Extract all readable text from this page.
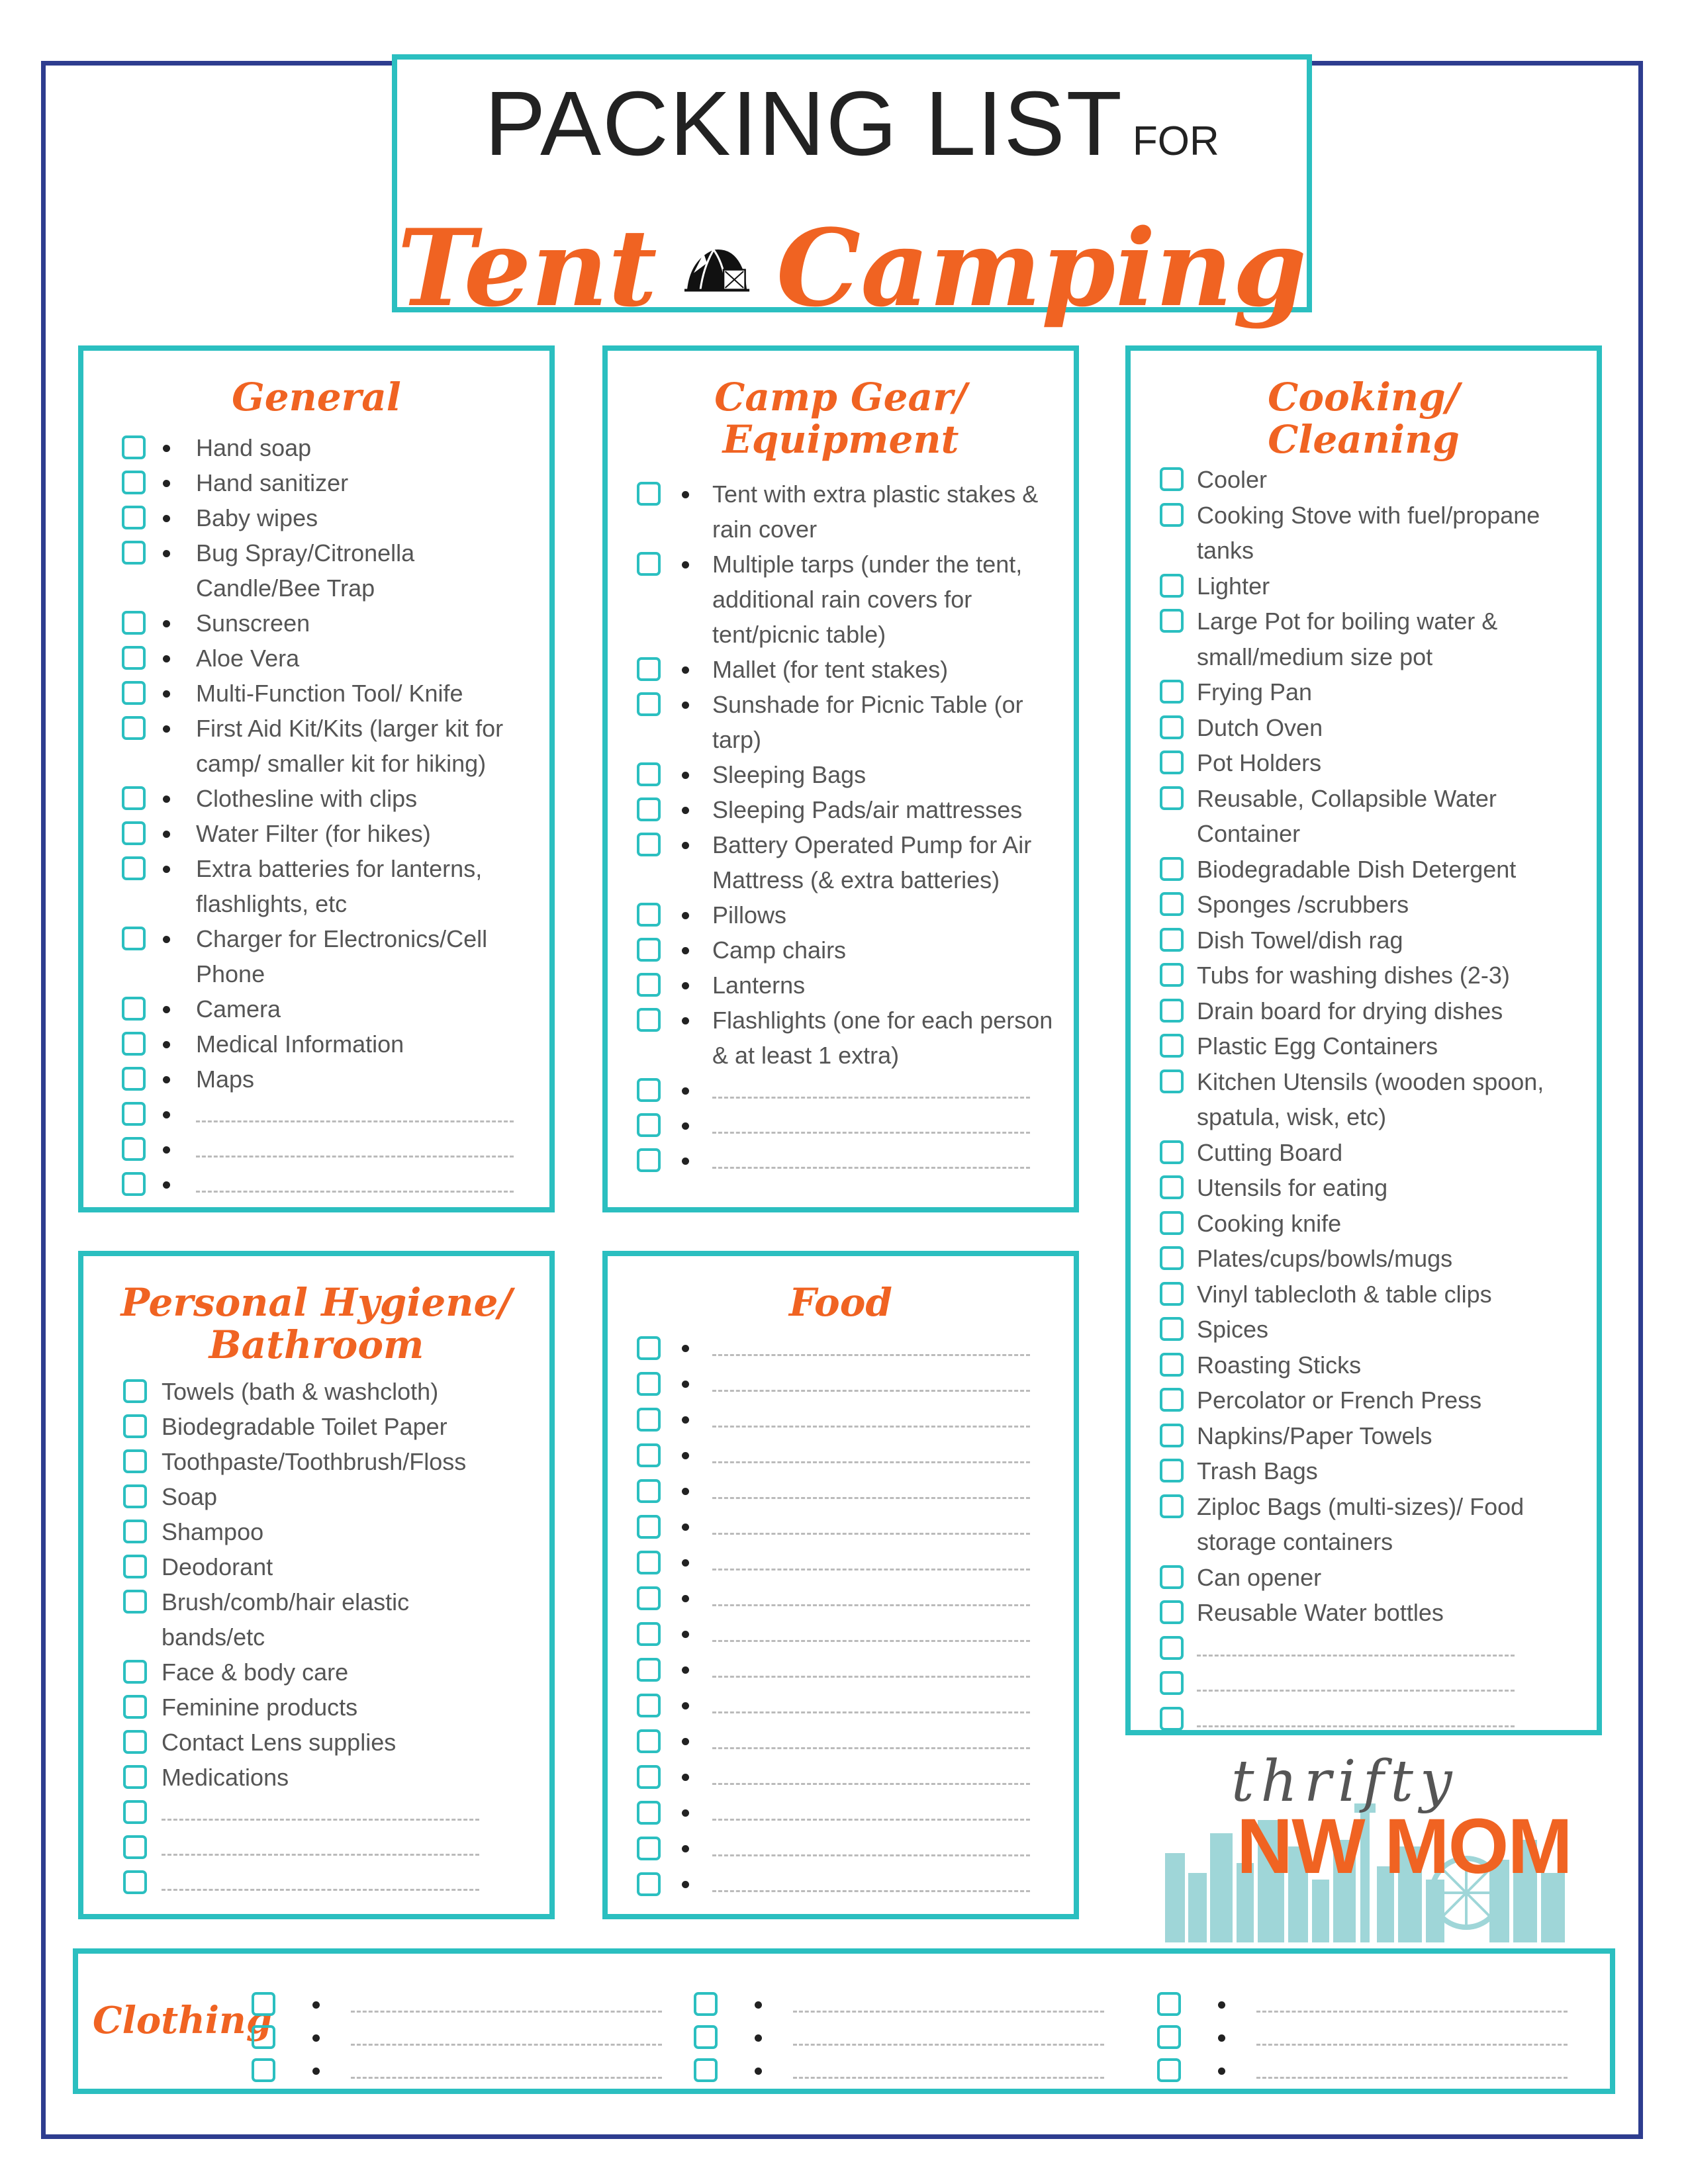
PACKING LIST FOR
Tent Camping
General
Hand soap
Hand sanitizer
Baby wipes
Bug Spray/Citronella
Candle/Bee Trap
Sunscreen
Aloe Vera
Multi-Function Tool/ Knife
First Aid Kit/Kits (larger kit for
camp/ smaller kit for hiking)
Clothesline with clips
Water Filter (for hikes)
Extra batteries for lanterns,
flashlights, etc
Charger for Electronics/Cell
Phone
Camera
Medical Information
Maps
Camp Gear/
Equipment
Tent with extra plastic stakes &
rain cover
Multiple tarps (under the tent,
additional rain covers for
tent/picnic table)
Mallet (for tent stakes)
Sunshade for Picnic Table (or
tarp)
Sleeping Bags
Sleeping Pads/air mattresses
Battery Operated Pump for Air
Mattress (& extra batteries)
Pillows
Camp chairs
Lanterns
Flashlights (one for each person
& at least 1 extra)
Cooking/
Cleaning
Cooler
Cooking Stove with fuel/propane
tanks
Lighter
Large Pot for boiling water &
small/medium size pot
Frying Pan
Dutch Oven
Pot Holders
Reusable, Collapsible Water
Container
Biodegradable Dish Detergent
Sponges /scrubbers
Dish Towel/dish rag
Tubs for washing dishes (2-3)
Drain board for drying dishes
Plastic Egg Containers
Kitchen Utensils (wooden spoon,
spatula, wisk, etc)
Cutting Board
Utensils for eating
Cooking knife
Plates/cups/bowls/mugs
Vinyl tablecloth & table clips
Spices
Roasting Sticks
Percolator or French Press
Napkins/Paper Towels
Trash Bags
Ziploc Bags (multi-sizes)/ Food
storage containers
Can opener
Reusable Water bottles
Personal Hygiene/
Bathroom
Towels (bath & washcloth)
Biodegradable Toilet Paper
Toothpaste/Toothbrush/Floss
Soap
Shampoo
Deodorant
Brush/comb/hair elastic
bands/etc
Face & body care
Feminine products
Contact Lens supplies
Medications
Food
thrifty
NW MOM
Clothing
